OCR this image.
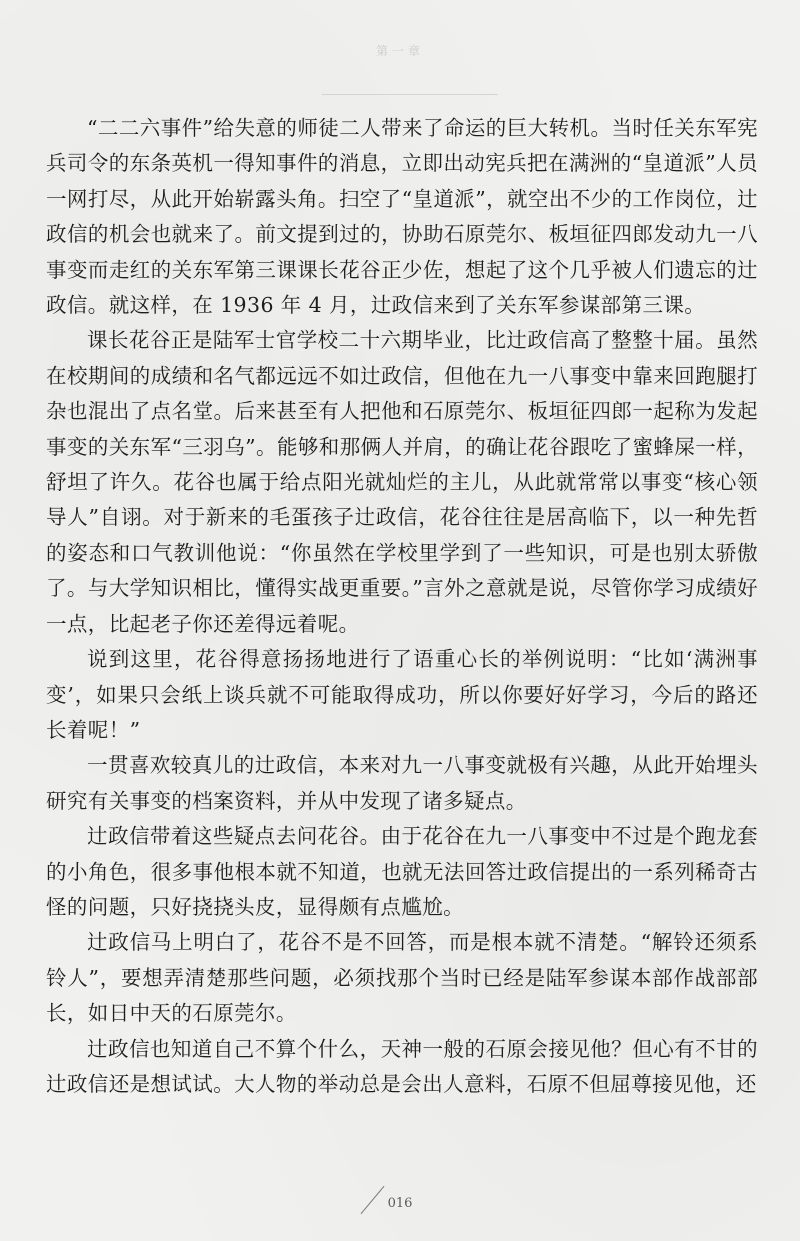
第一章

“二二六事件”给失意的师徒二人带来了命运的巨大转机。当时任关东军宪兵司令的东条英机一得知事件的消息，立即出动宪兵把在满洲的“皇道派”人员一网打尽，从此开始崭露头角。扫空了“皇道派”，就空出不少的工作岗位，辻政信的机会也就来了。前文提到过的，协助石原莞尔、板垣征四郎发动九一八事变而走红的关东军第三课课长花谷正少佐，想起了这个几乎被人们遗忘的辻政信。就这样，在 1936 年 4 月，辻政信来到了关东军参谋部第三课。

课长花谷正是陆军士官学校二十六期毕业，比辻政信高了整整十届。虽然在校期间的成绩和名气都远远不如辻政信，但他在九一八事变中靠来回跑腿打杂也混出了点名堂。后来甚至有人把他和石原莞尔、板垣征四郎一起称为发起事变的关东军“三羽乌”。能够和那俩人并肩，的确让花谷跟吃了蜜蜂屎一样，舒坦了许久。花谷也属于给点阳光就灿烂的主儿，从此就常常以事变“核心领导人”自诩。对于新来的毛蛋孩子辻政信，花谷往往是居高临下，以一种先哲的姿态和口气教训他说：“你虽然在学校里学到了一些知识，可是也别太骄傲了。与大学知识相比，懂得实战更重要。”言外之意就是说，尽管你学习成绩好一点，比起老子你还差得远着呢。

说到这里，花谷得意扬扬地进行了语重心长的举例说明：“比如‘满洲事变’，如果只会纸上谈兵就不可能取得成功，所以你要好好学习，今后的路还长着呢！”

一贯喜欢较真儿的辻政信，本来对九一八事变就极有兴趣，从此开始埋头研究有关事变的档案资料，并从中发现了诸多疑点。

辻政信带着这些疑点去问花谷。由于花谷在九一八事变中不过是个跑龙套的小角色，很多事他根本就不知道，也就无法回答辻政信提出的一系列稀奇古怪的问题，只好挠挠头皮，显得颇有点尴尬。

辻政信马上明白了，花谷不是不回答，而是根本就不清楚。“解铃还须系铃人”，要想弄清楚那些问题，必须找那个当时已经是陆军参谋本部作战部部长，如日中天的石原莞尔。

辻政信也知道自己不算个什么，天神一般的石原会接见他？但心有不甘的辻政信还是想试试。大人物的举动总是会出人意料，石原不但屈尊接见他，还

016
